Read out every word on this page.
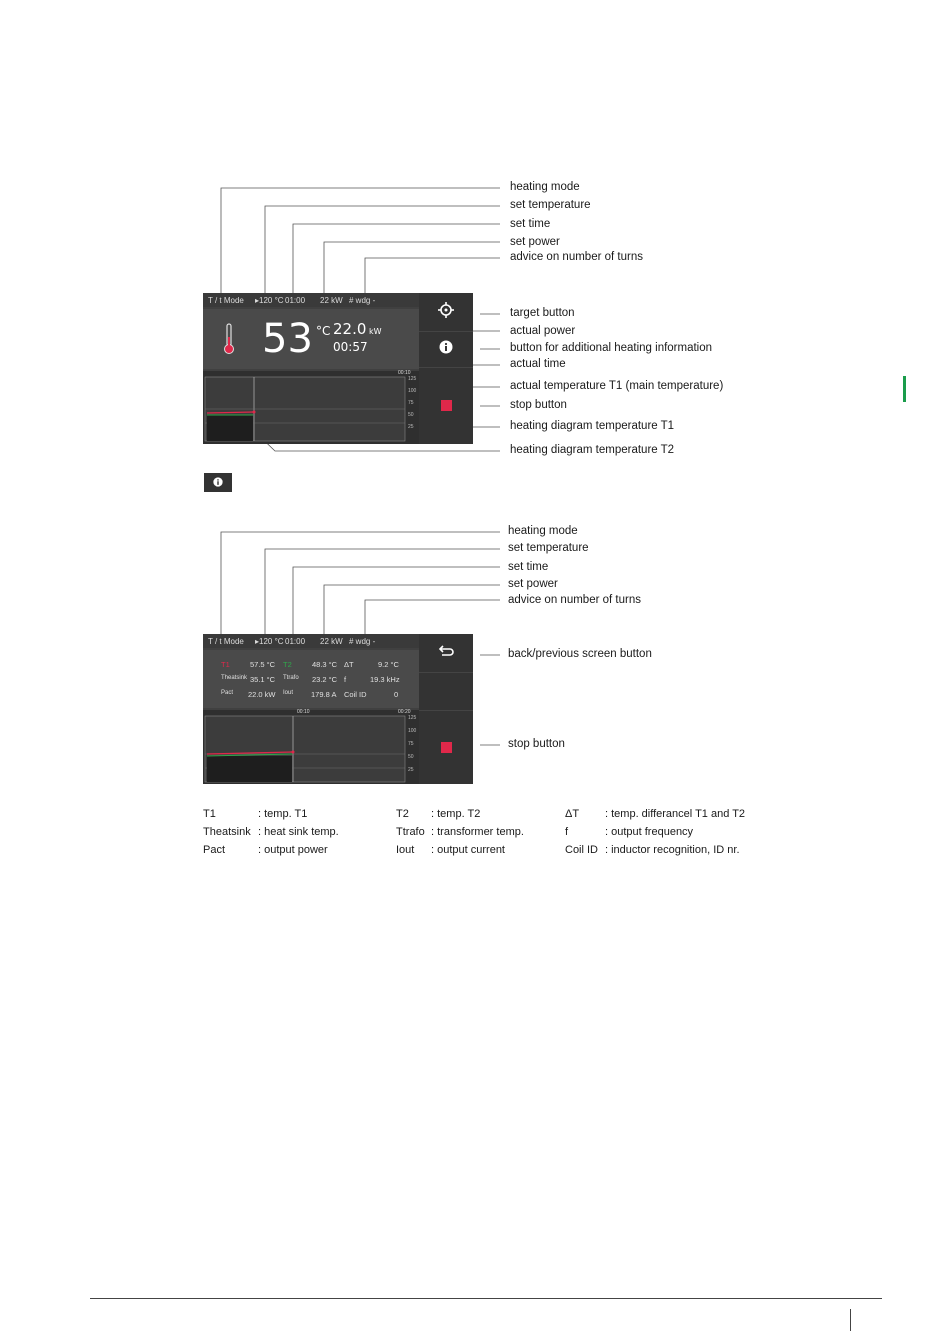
T / t Mode ▸120 °C 01:00 22 kW # wdg -
53 °C 22.0 kW
00:57
00:10
125
100
75
50
25
heating mode
set temperature
set time
set power
advice on number of turns
target button
actual power
button for additional heating information
actual time
actual temperature T1 (main temperature)
stop button
heating diagram temperature T1
heating diagram temperature T2
T / t Mode ▸120 °C 01:00 22 kW # wdg -
T1	57.5 °C T2	48.3 °C ΔT	9.2 °C
Theatsink 35.1 °C Ttrafo 23.2 °C f	19.3 kHz
Pact 22.0 kW Iout 179.8 A Coil ID	0
00:10	00:20
125
100
75
50
25
heating mode
set temperature
set time
set power
advice on number of turns
back/previous screen button
stop button
T1	: temp. T1	T2 : temp. T2	ΔT : temp. differancel T1 and T2
Theatsink : heat sink temp.	Ttrafo : transformer temp.	f	: output frequency
Pact	: output power	Iout : output current	Coil ID : inductor recognition, ID nr.
